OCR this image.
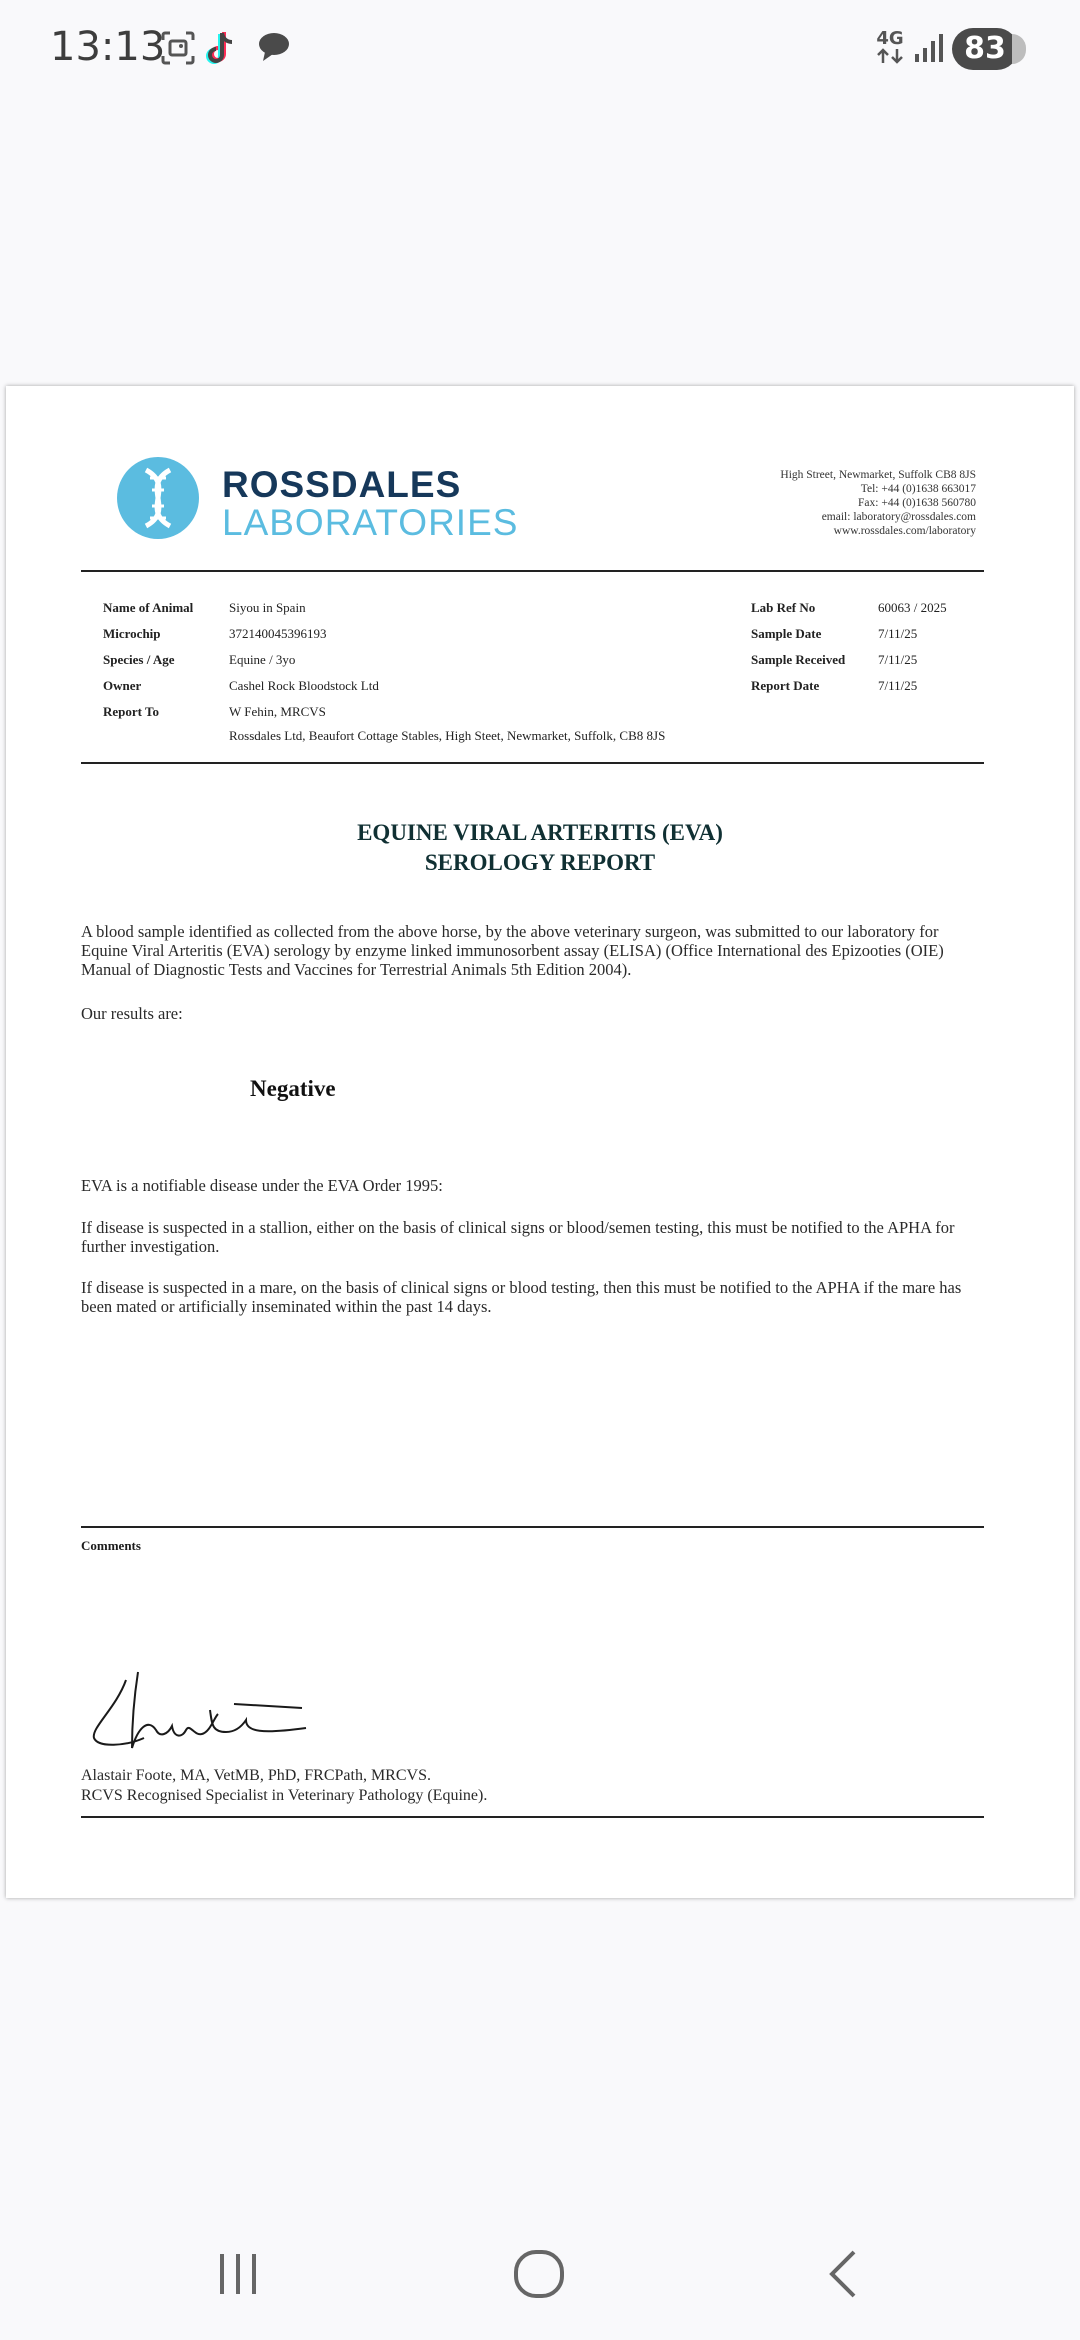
13:13	4G	83
ROSSDALES
LABORATORIES
High Street, Newmarket, Suffolk CB8 8JS
Tel: +44 (0)1638 663017
Fax: +44 (0)1638 560780
email: laboratory@rossdales.com
www.rossdales.com/laboratory
Name of Animal	Siyou in Spain
Microchip	372140045396193
Species / Age	Equine / 3yo
Owner	Cashel Rock Bloodstock Ltd
Report To	W Fehin, MRCVS
Rossdales Ltd, Beaufort Cottage Stables, High Steet, Newmarket, Suffolk, CB8 8JS
Lab Ref No	60063 / 2025
Sample Date	7/11/25
Sample Received	7/11/25
Report Date	7/11/25
EQUINE VIRAL ARTERITIS (EVA)
SEROLOGY REPORT
A blood sample identified as collected from the above horse, by the above veterinary surgeon, was submitted to our laboratory for Equine Viral Arteritis (EVA) serology by enzyme linked immunosorbent assay (ELISA) (Office International des Epizooties (OIE) Manual of Diagnostic Tests and Vaccines for Terrestrial Animals 5th Edition 2004).
Our results are:
Negative
EVA is a notifiable disease under the EVA Order 1995:
If disease is suspected in a stallion, either on the basis of clinical signs or blood/semen testing, this must be notified to the APHA for further investigation.
If disease is suspected in a mare, on the basis of clinical signs or blood testing, then this must be notified to the APHA if the mare has been mated or artificially inseminated within the past 14 days.
Comments
Alastair Foote, MA, VetMB, PhD, FRCPath, MRCVS.
RCVS Recognised Specialist in Veterinary Pathology (Equine).
